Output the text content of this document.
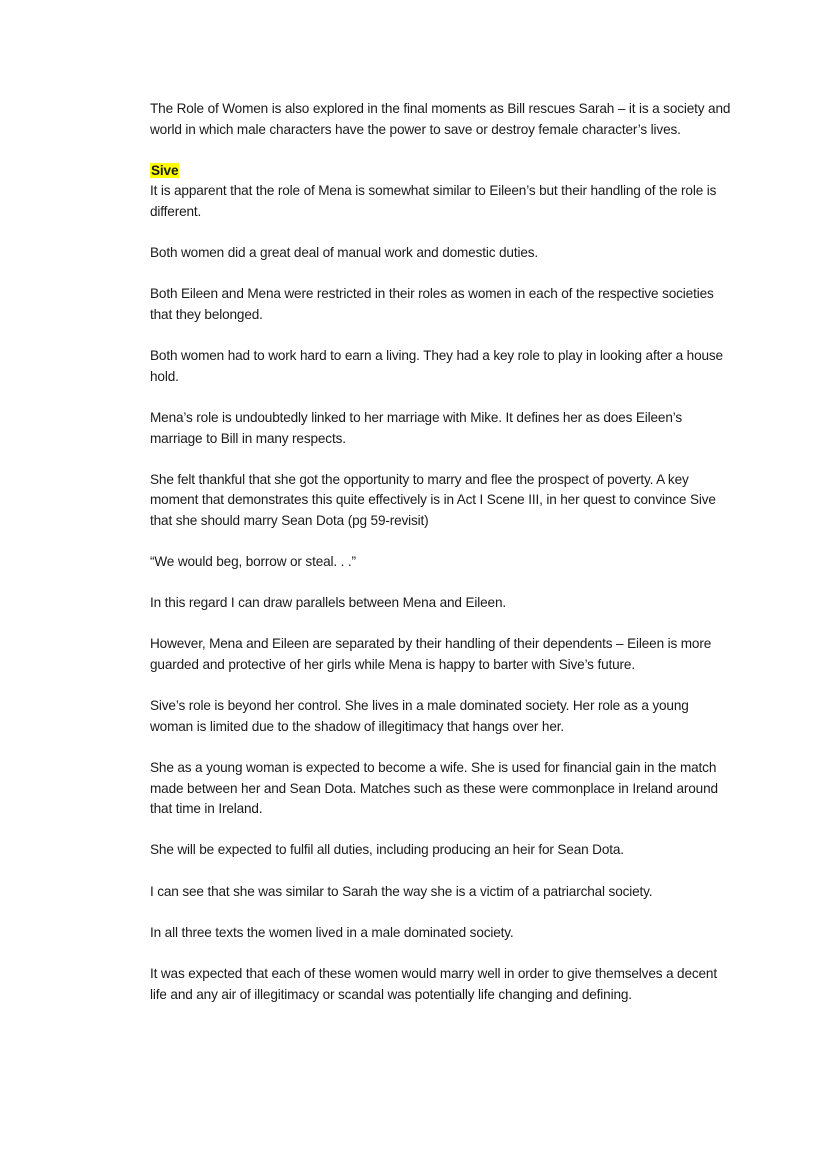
The Role of Women is also explored in the final moments as Bill rescues Sarah – it is a society and world in which male characters have the power to save or destroy female character’s lives.

Sive

It is apparent that the role of Mena is somewhat similar to Eileen’s but their handling of the role is different.

Both women did a great deal of manual work and domestic duties.

Both Eileen and Mena were restricted in their roles as women in each of the respective societies that they belonged.

Both women had to work hard to earn a living. They had a key role to play in looking after a house hold.

Mena’s role is undoubtedly linked to her marriage with Mike. It defines her as does Eileen’s marriage to Bill in many respects.

She felt thankful that she got the opportunity to marry and flee the prospect of poverty. A key moment that demonstrates this quite effectively is in Act I Scene III, in her quest to convince Sive that she should marry Sean Dota (pg 59-revisit)

“We would beg, borrow or steal. . .”

In this regard I can draw parallels between Mena and Eileen.

However, Mena and Eileen are separated by their handling of their dependents – Eileen is more guarded and protective of her girls while Mena is happy to barter with Sive’s future.

Sive’s role is beyond her control. She lives in a male dominated society. Her role as a young woman is limited due to the shadow of illegitimacy that hangs over her.

She as a young woman is expected to become a wife. She is used for financial gain in the match made between her and Sean Dota. Matches such as these were commonplace in Ireland around that time in Ireland.

She will be expected to fulfil all duties, including producing an heir for Sean Dota.

I can see that she was similar to Sarah the way she is a victim of a patriarchal society.

In all three texts the women lived in a male dominated society.

It was expected that each of these women would marry well in order to give themselves a decent life and any air of illegitimacy or scandal was potentially life changing and defining.
